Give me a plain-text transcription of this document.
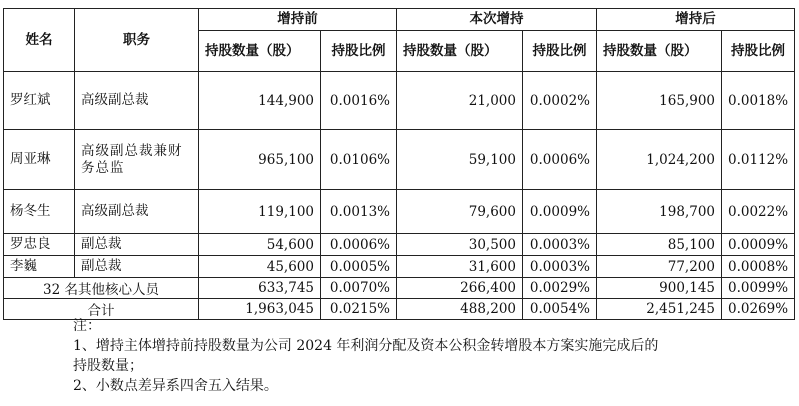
姓名	职务	增持前		本次增持		增持后	
		持股数量（股）	持股比例	持股数量（股）	持股比例	持股数量（股）	持股比例
罗红斌	高级副总裁	144,900	0.0016%	21,000	0.0002%	165,900	0.0018%
周亚琳	高级副总裁兼财务总监	965,100	0.0106%	59,100	0.0006%	1,024,200	0.0112%
杨冬生	高级副总裁	119,100	0.0013%	79,600	0.0009%	198,700	0.0022%
罗忠良	副总裁	54,600	0.0006%	30,500	0.0003%	85,100	0.0009%
李巍	副总裁	45,600	0.0005%	31,600	0.0003%	77,200	0.0008%
32 名其他核心人员		633,745	0.0070%	266,400	0.0029%	900,145	0.0099%
合计		1,963,045	0.0215%	488,200	0.0054%	2,451,245	0.0269%
注：
1、增持主体增持前持股数量为公司 2024 年利润分配及资本公积金转增股本方案实施完成后的
持股数量；
2、小数点差异系四舍五入结果。
